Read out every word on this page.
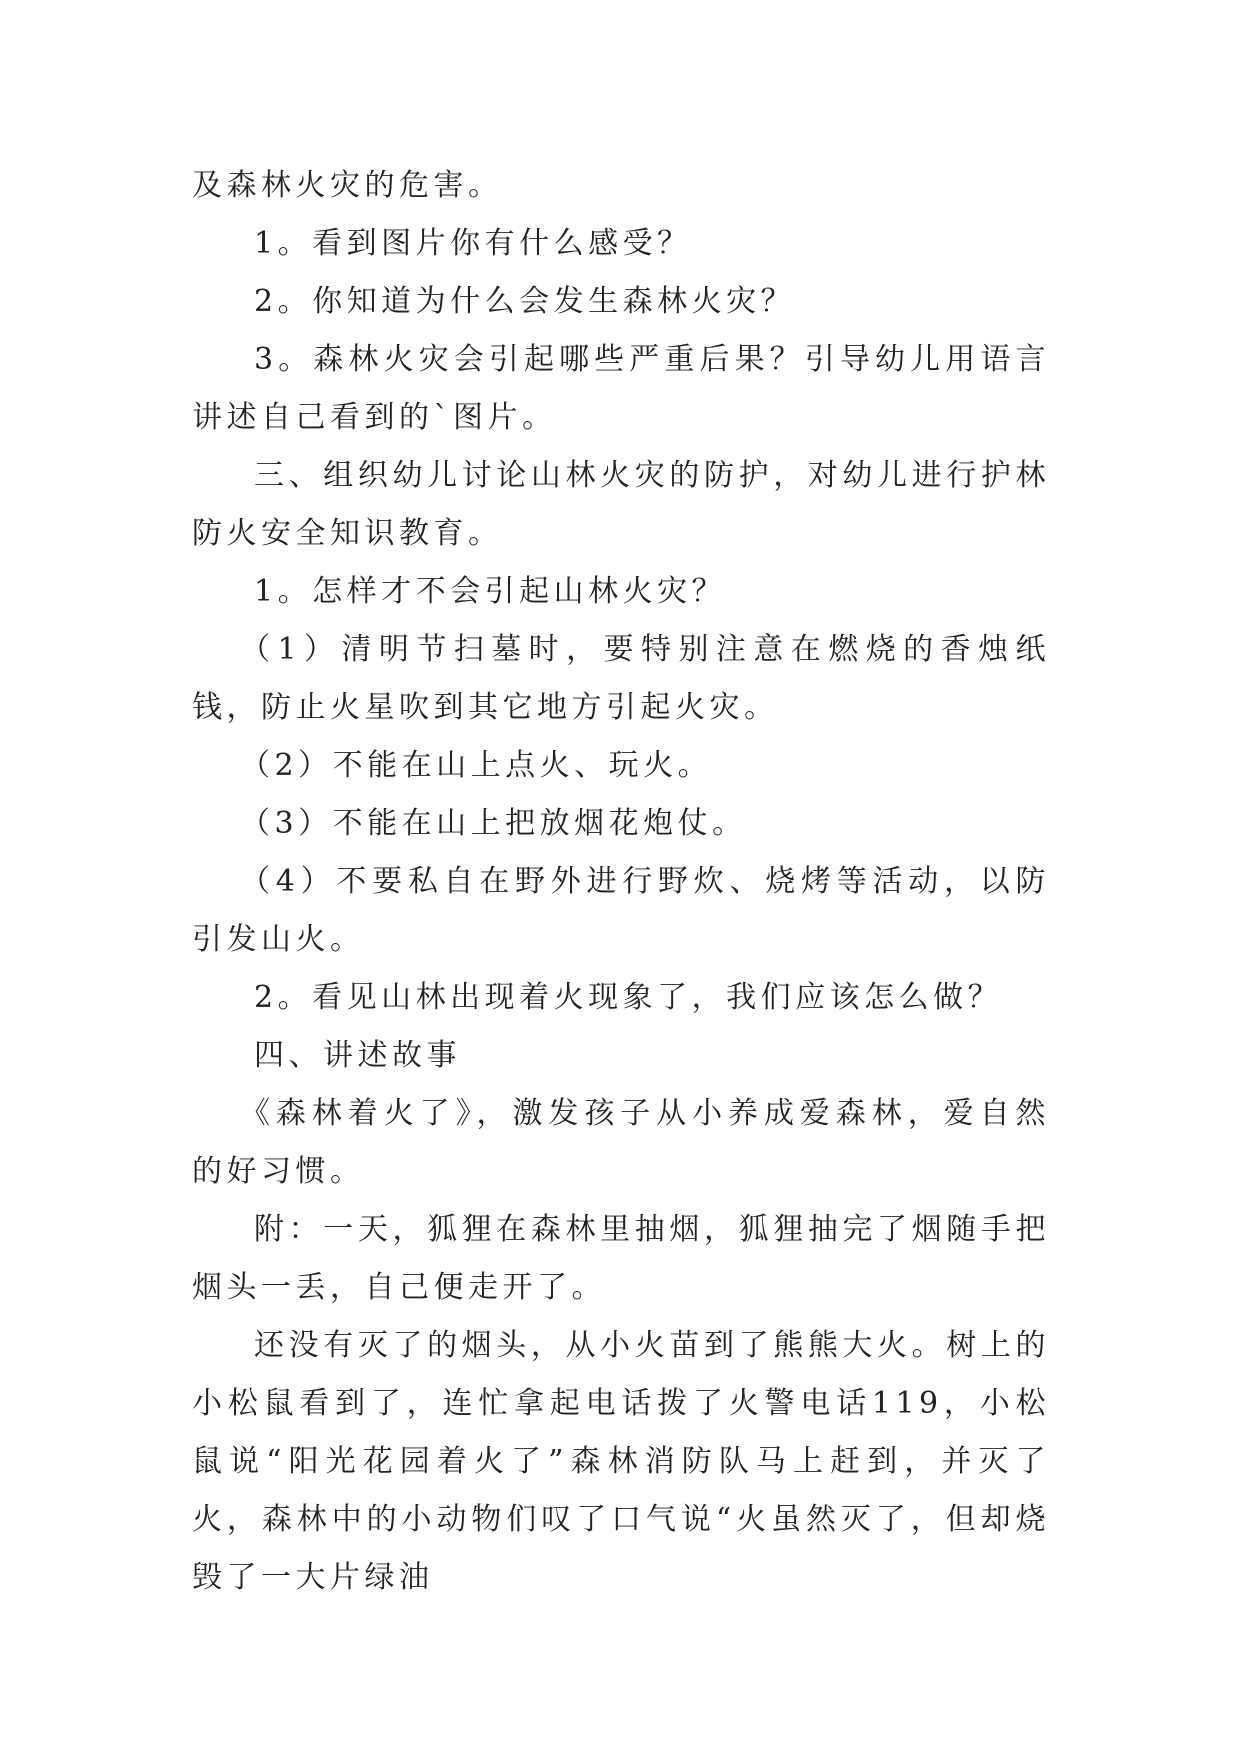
及森林火灾的危害。

1。看到图片你有什么感受？

2。你知道为什么会发生森林火灾？

3。森林火灾会引起哪些严重后果？引导幼儿用语言讲述自己看到的`图片。

三、组织幼儿讨论山林火灾的防护，对幼儿进行护林防火安全知识教育。

1。怎样才不会引起山林火灾？

（1）清明节扫墓时，要特别注意在燃烧的香烛纸钱，防止火星吹到其它地方引起火灾。

（2）不能在山上点火、玩火。

（3）不能在山上把放烟花炮仗。

（4）不要私自在野外进行野炊、烧烤等活动，以防引发山火。

2。看见山林出现着火现象了，我们应该怎么做？

四、讲述故事

《森林着火了》，激发孩子从小养成爱森林，爱自然的好习惯。

附：一天，狐狸在森林里抽烟，狐狸抽完了烟随手把烟头一丢，自己便走开了。

还没有灭了的烟头，从小火苗到了熊熊大火。树上的小松鼠看到了，连忙拿起电话拨了火警电话119，小松鼠说“阳光花园着火了”森林消防队马上赶到，并灭了火，森林中的小动物们叹了口气说“火虽然灭了，但却烧毁了一大片绿油
